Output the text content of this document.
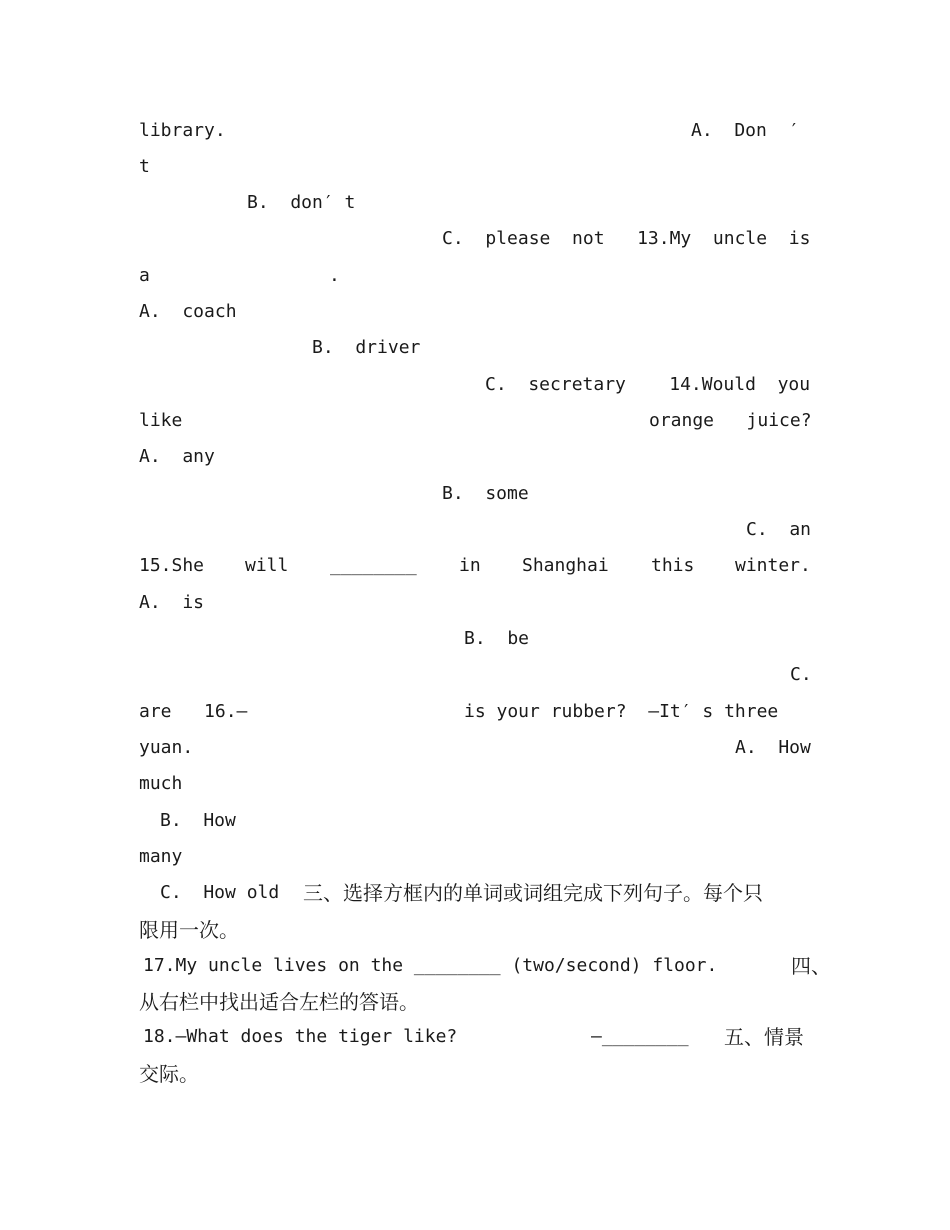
library.

	A.  Don  ′

t

B.  don′ t

C.  please  not   13.My  uncle  is

a

	.

A.  coach

B.  driver

C.  secretary    14.Would  you

like

	orange   juice?

A.  any

B.  some

C.  an

15.She

will

________

in

Shanghai

this

winter.

A.  is

B.  be

C.

are   16.—

	is your rubber?  —It′ s three

yuan.

	A.  How

much

B.  How

many

C.  How old

三、选择方框内的单词或词组完成下列句子。每个只

限用一次。

17.My uncle lives on the ________ (two/second) floor.

	四、

从右栏中找出适合左栏的答语。

18.—What does the tiger like?

	—________

五、情景

交际。
